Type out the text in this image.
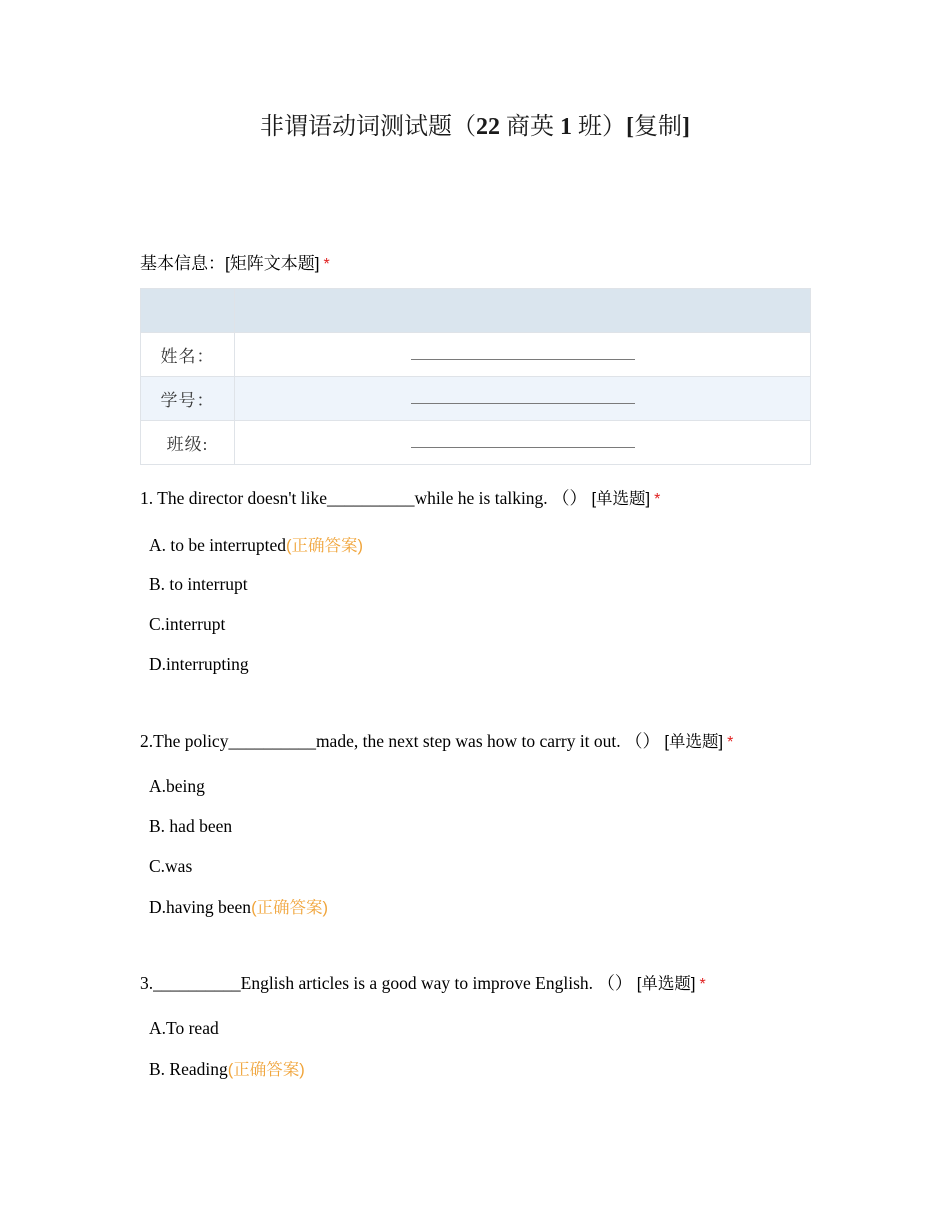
非谓语动词测试题（22 商英 1 班）[复制]
基本信息：[矩阵文本题] *

姓名：	
学号：	
班级:	
1. The director doesn't like__________while he is talking. （） [单选题] *
A. to be interrupted(正确答案)
B. to interrupt
C.interrupt
D.interrupting
2.The policy__________made, the next step was how to carry it out. （） [单选题] *
A.being
B. had been
C.was
D.having been(正确答案)
3.__________English articles is a good way to improve English. （） [单选题] *
A.To read
B. Reading(正确答案)
